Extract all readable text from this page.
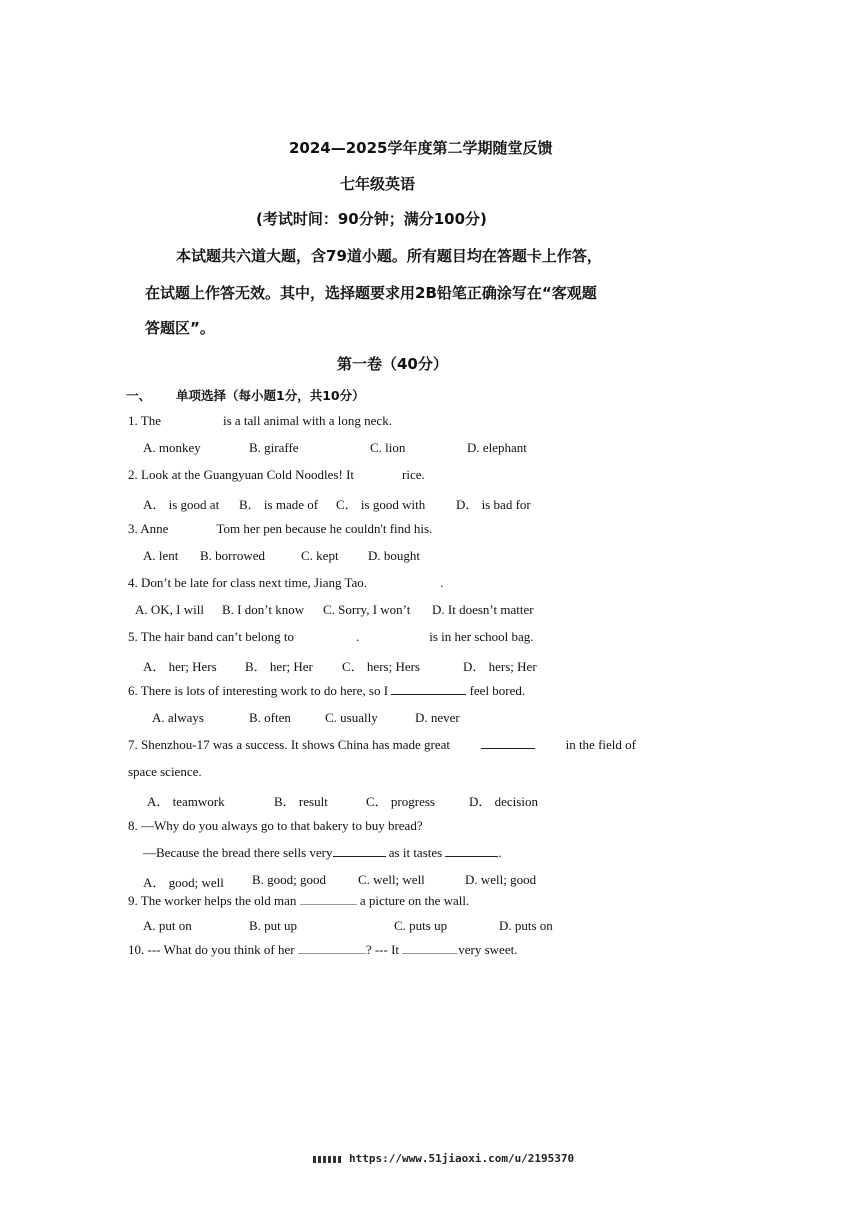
2024—2025学年度第二学期随堂反馈
七年级英语
(考试时间：90分钟；满分100分)
本试题共六道大题，含79道小题。所有题目均在答题卡上作答，
在试题上作答无效。其中，选择题要求用2B铅笔正确涂写在“客观题
答题区”。
第一卷（40分）
一、 单项选择（每小题1分，共10分）
1. The	is a tall animal with a long neck.
A. monkey	B. giraffe	C. lion	D. elephant
2. Look at the Guangyuan Cold Noodles! It	rice.
A． is good at B． is made of C． is good with D． is bad for
3. Anne	Tom her pen because he couldn't find his.
A. lent B. borrowed	C. kept D. bought
4. Don’t be late for class next time, Jiang Tao.	.
A. OK, I will B. I don’t know C. Sorry, I won’t D. It doesn’t matter
5. The hair band can’t belong to	.	is in her school bag.
A． her; Hers B． her; Her C． hers; Hers	D． hers; Her
6. There is lots of interesting work to do here, so I	feel bored.
A. always	B. often	C. usually	D. never
7. Shenzhou-17 was a success. It shows China has made great	in the field of
space science.
A． teamwork	B． result	C． progress	D． decision
8. —Why do you always go to that bakery to buy bread?
—Because the bread there sells very	as it tastes	.
A． good; well B. good; good C. well; well	D. well; good
9. The worker helps the old man	a picture on the wall.
A. put on	B. put up	C. puts up	D. puts on
10. --- What do you think of her	? --- It	very sweet.
https://www.51jiaoxi.com/u/2195370
